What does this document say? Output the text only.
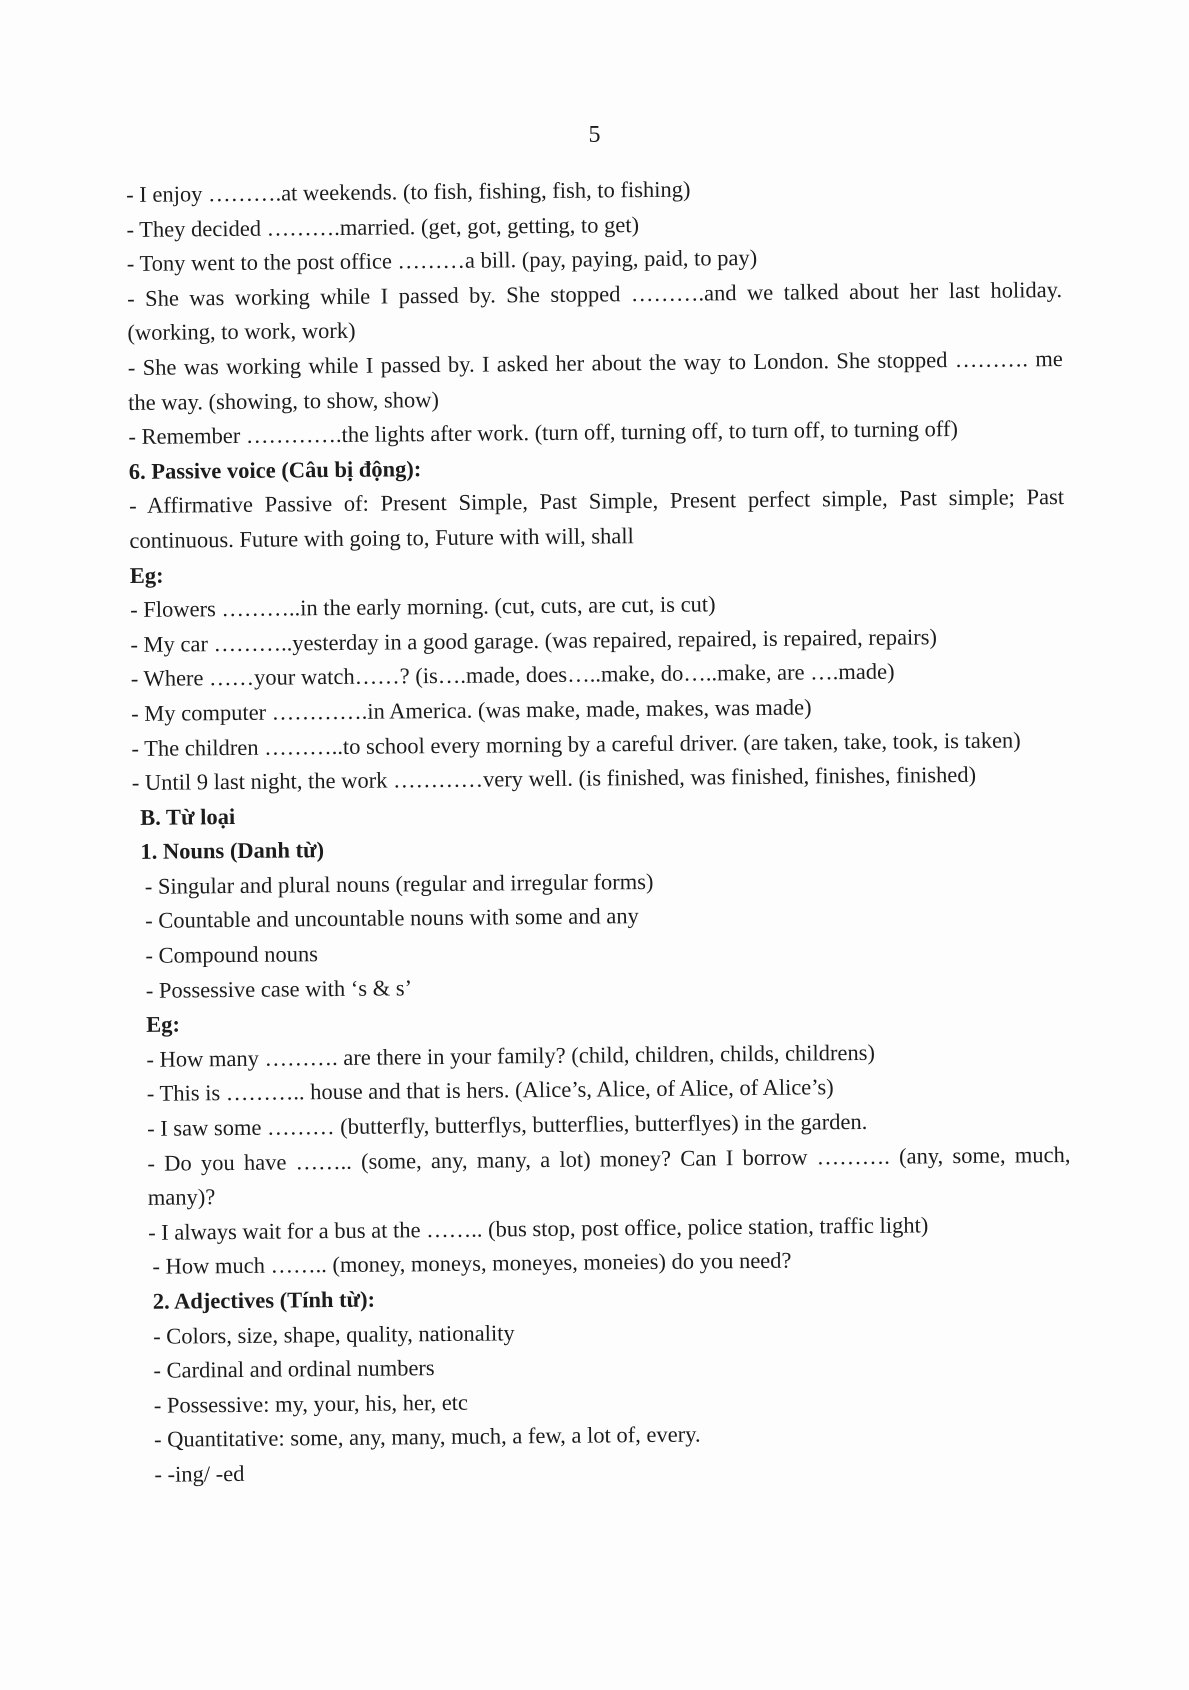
5
- I enjoy ……….at weekends. (to fish, fishing, fish, to fishing)
- They decided ……….married. (get, got, getting, to get)
- Tony went to the post office ………a bill. (pay, paying, paid, to pay)
- She was working while I passed by. She stopped ……….and we talked about her last holiday. (working, to work, work)
- She was working while I passed by. I asked her about the way to London. She stopped ………. me the way. (showing, to show, show)
- Remember ………….the lights after work. (turn off, turning off, to turn off, to turning off)
6. Passive voice (Câu bị động):
- Affirmative Passive of: Present Simple, Past Simple, Present perfect simple, Past simple; Past continuous. Future with going to, Future with will, shall
Eg:
- Flowers ………..in the early morning. (cut, cuts, are cut, is cut)
- My car ………..yesterday in a good garage. (was repaired, repaired, is repaired, repairs)
- Where ……your watch……? (is….made, does…..make, do…..make, are ….made)
- My computer ………….in America. (was make, made, makes, was made)
- The children ………..to school every morning by a careful driver. (are taken, take, took, is taken)
- Until 9 last night, the work …………very well. (is finished, was finished, finishes, finished)
B. Từ loại
1. Nouns (Danh từ)
- Singular and plural nouns (regular and irregular forms)
- Countable and uncountable nouns with some and any
- Compound nouns
- Possessive case with ‘s & s’
Eg:
- How many ………. are there in your family? (child, children, childs, childrens)
- This is ……….. house and that is hers. (Alice’s, Alice, of Alice, of Alice’s)
- I saw some ……… (butterfly, butterflys, butterflies, butterflyes) in the garden.
- Do you have …….. (some, any, many, a lot) money? Can I borrow ………. (any, some, much, many)?
- I always wait for a bus at the …….. (bus stop, post office, police station, traffic light)
- How much …….. (money, moneys, moneyes, moneies) do you need?
2. Adjectives (Tính từ):
- Colors, size, shape, quality, nationality
- Cardinal and ordinal numbers
- Possessive: my, your, his, her, etc
- Quantitative: some, any, many, much, a few, a lot of, every.
- -ing/ -ed
